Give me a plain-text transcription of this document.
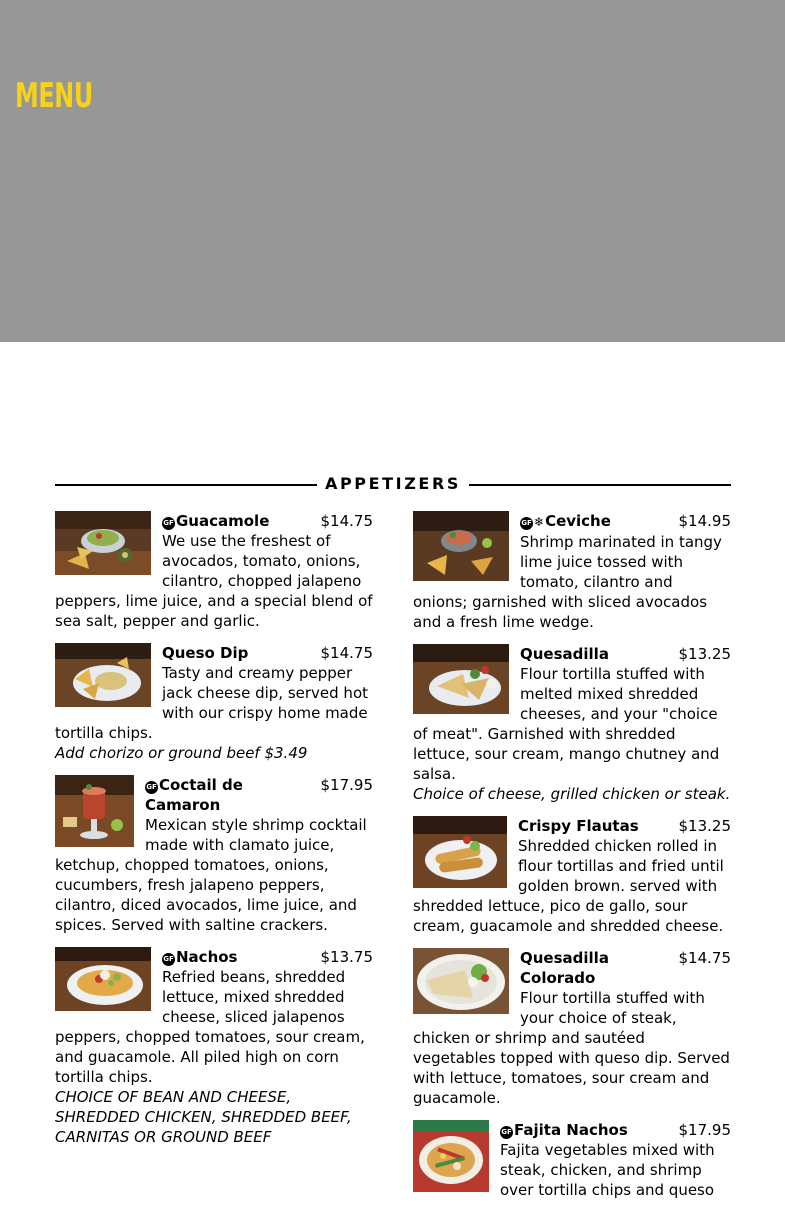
MENU
APPETIZERS
GF Guacamole	$14.75
We use the freshest of avocados, tomato, onions, cilantro, chopped jalapeno peppers, lime juice, and a special blend of sea salt, pepper and garlic.
Queso Dip	$14.75
Tasty and creamy pepper jack cheese dip, served hot with our crispy home made tortilla chips.
Add chorizo or ground beef $3.49
GF Coctail de Camaron
$17.95
Mexican style shrimp cocktail made with clamato juice, ketchup, chopped tomatoes, onions, cucumbers, fresh jalapeno peppers, cilantro, diced avocados, lime juice, and spices. Served with saltine crackers.
GF Nachos	$13.75
Refried beans, shredded lettuce, mixed shredded cheese, sliced jalapenos peppers, chopped tomatoes, sour cream, and guacamole. All piled high on corn tortilla chips.
CHOICE OF BEAN AND CHEESE, SHREDDED CHICKEN, SHREDDED BEEF, CARNITAS OR GROUND BEEF
GF ❄Ceviche	$14.95
Shrimp marinated in tangy lime juice tossed with tomato, cilantro and onions; garnished with sliced avocados and a fresh lime wedge.
Quesadilla	$13.25
Flour tortilla stuffed with melted mixed shredded cheeses, and your "choice of meat". Garnished with shredded lettuce, sour cream, mango chutney and salsa.
Choice of cheese, grilled chicken or steak.
Crispy Flautas	$13.25
Shredded chicken rolled in flour tortillas and fried until golden brown. served with shredded lettuce, pico de gallo, sour cream, guacamole and shredded cheese.
Quesadilla Colorado
$14.75
Flour tortilla stuffed with your choice of steak, chicken or shrimp and sautéed vegetables topped with queso dip. Served with lettuce, tomatoes, sour cream and guacamole.
GF Fajita Nachos	$17.95
Fajita vegetables mixed with steak, chicken, and shrimp over tortilla chips and queso
